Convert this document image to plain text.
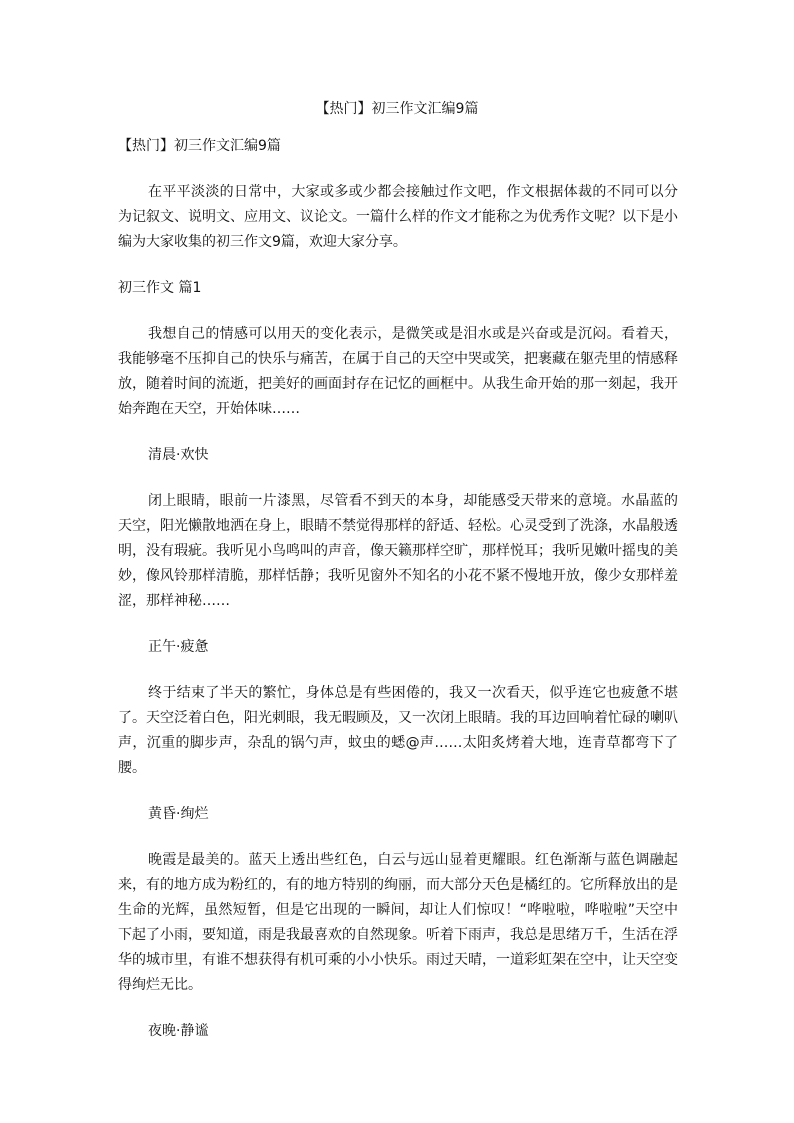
【热门】初三作文汇编9篇

【热门】初三作文汇编9篇

在平平淡淡的日常中，大家或多或少都会接触过作文吧，作文根据体裁的不同可以分为记叙文、说明文、应用文、议论文。一篇什么样的作文才能称之为优秀作文呢？以下是小编为大家收集的初三作文9篇，欢迎大家分享。

初三作文 篇1

我想自己的情感可以用天的变化表示，是微笑或是泪水或是兴奋或是沉闷。看着天，我能够毫不压抑自己的快乐与痛苦，在属于自己的天空中哭或笑，把裹藏在躯壳里的情感释放，随着时间的流逝，把美好的画面封存在记忆的画框中。从我生命开始的那一刻起，我开始奔跑在天空，开始体味……

清晨·欢快

闭上眼睛，眼前一片漆黑，尽管看不到天的本身，却能感受天带来的意境。水晶蓝的天空，阳光懒散地洒在身上，眼睛不禁觉得那样的舒适、轻松。心灵受到了洗涤，水晶般透明，没有瑕疵。我听见小鸟鸣叫的声音，像天籁那样空旷，那样悦耳；我听见嫩叶摇曳的美妙，像风铃那样清脆，那样恬静；我听见窗外不知名的小花不紧不慢地开放，像少女那样羞涩，那样神秘……

正午·疲惫

终于结束了半天的繁忙，身体总是有些困倦的，我又一次看天，似乎连它也疲惫不堪了。天空泛着白色，阳光刺眼，我无暇顾及，又一次闭上眼睛。我的耳边回响着忙碌的喇叭声，沉重的脚步声，杂乱的锅勺声，蚊虫的蟋@声……太阳炙烤着大地，连青草都弯下了腰。

黄昏·绚烂

晚霞是最美的。蓝天上透出些红色，白云与远山显着更耀眼。红色渐渐与蓝色调融起来，有的地方成为粉红的，有的地方特别的绚丽，而大部分天色是橘红的。它所释放出的是生命的光辉，虽然短暂，但是它出现的一瞬间，却让人们惊叹！“哗啦啦，哗啦啦”天空中下起了小雨，要知道，雨是我最喜欢的自然现象。听着下雨声，我总是思绪万千，生活在浮华的城市里，有谁不想获得有机可乘的小小快乐。雨过天晴，一道彩虹架在空中，让天空变得绚烂无比。

夜晚·静谧
